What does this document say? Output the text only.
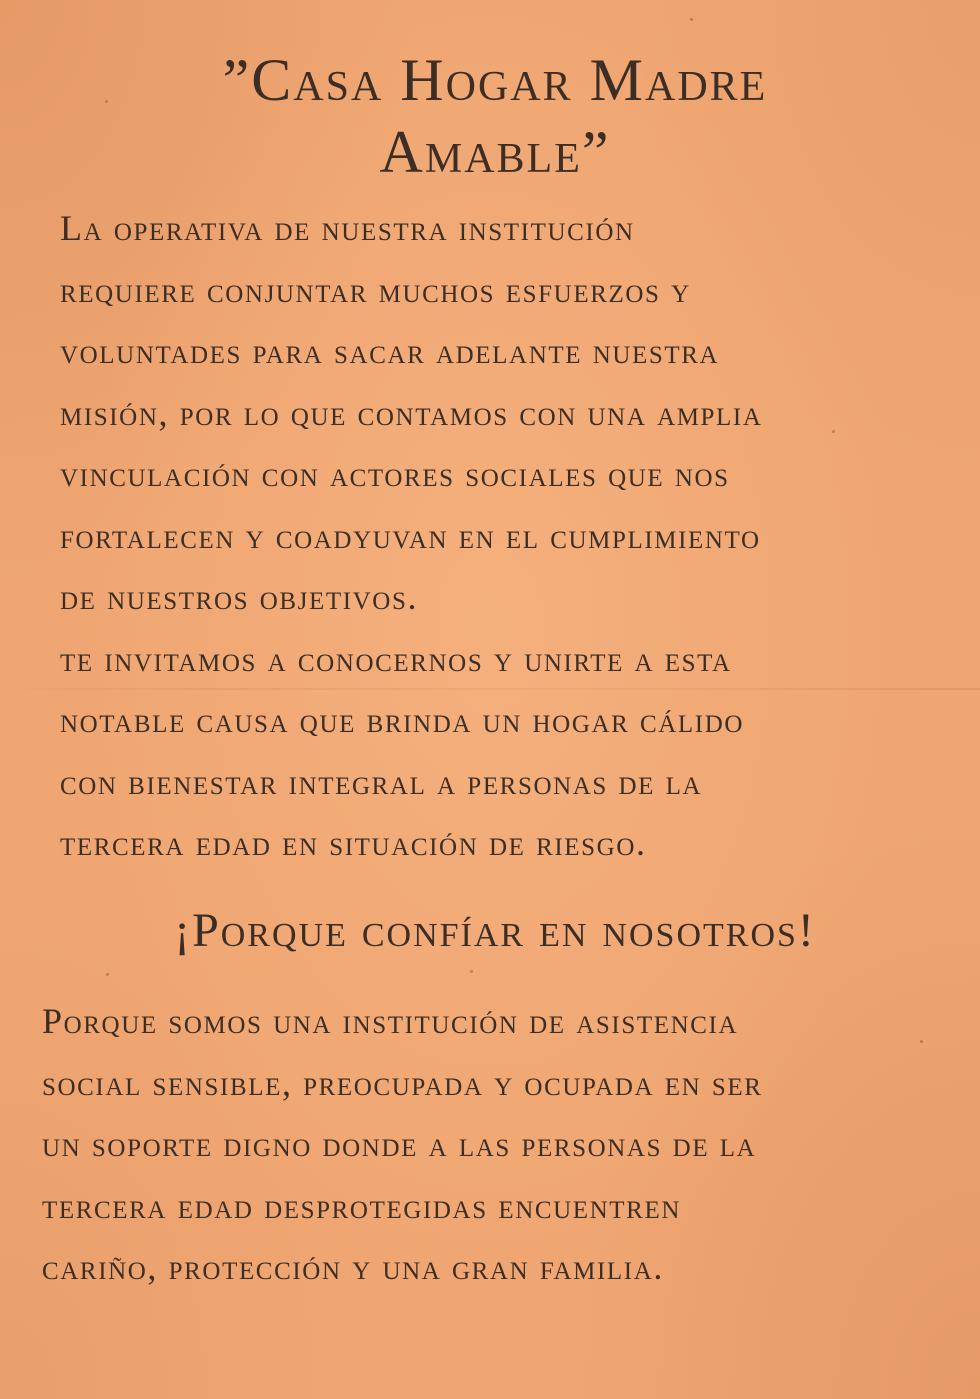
”Casa Hogar Madre Amable”
La operativa de nuestra institución
requiere conjuntar muchos esfuerzos y
voluntades para sacar adelante nuestra
misión, por lo que contamos con una amplia
vinculación con actores sociales que nos
fortalecen y coadyuvan en el cumplimiento
de nuestros objetivos.
te invitamos a conocernos y unirte a esta
notable causa que brinda un hogar cálido
con bienestar integral a personas de la
tercera edad en situación de riesgo.
¡Porque confíar en nosotros!
Porque somos una institución de asistencia
social sensible, preocupada y ocupada en ser
un soporte digno donde a las personas de la
tercera edad desprotegidas encuentren
cariño, protección y una gran familia.
